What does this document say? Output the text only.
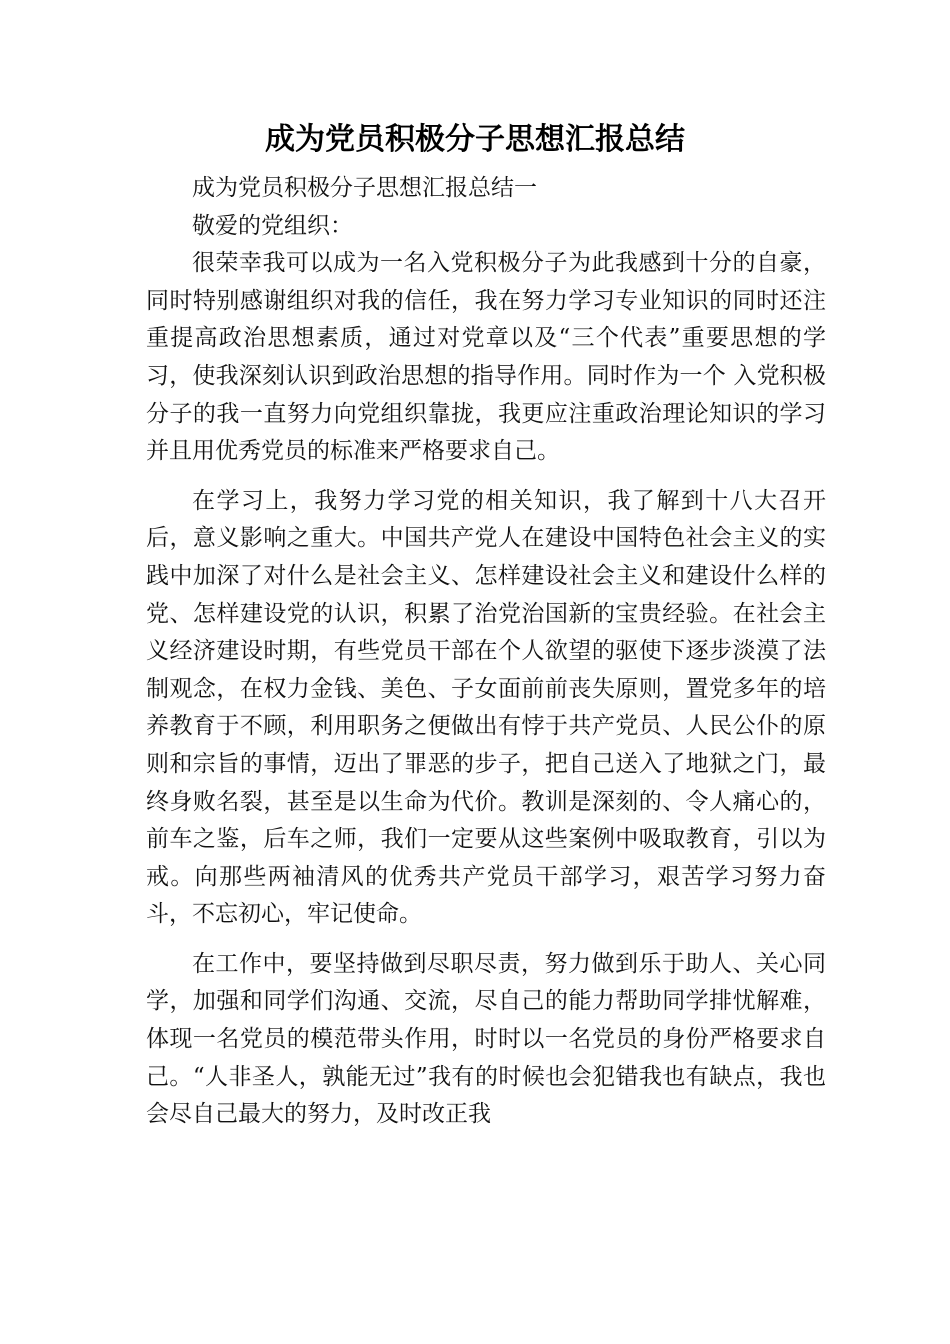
成为党员积极分子思想汇报总结

成为党员积极分子思想汇报总结一

敬爱的党组织：

很荣幸我可以成为一名入党积极分子为此我感到十分的自豪，同时特别感谢组织对我的信任，我在努力学习专业知识的同时还注重提高政治思想素质，通过对党章以及“三个代表”重要思想的学习，使我深刻认识到政治思想的指导作用。同时作为一个 入党积极分子的我一直努力向党组织靠拢，我更应注重政治理论知识的学习并且用优秀党员的标准来严格要求自己。

在学习上，我努力学习党的相关知识，我了解到十八大召开后，意义影响之重大。中国共产党人在建设中国特色社会主义的实践中加深了对什么是社会主义、怎样建设社会主义和建设什么样的党、怎样建设党的认识，积累了治党治国新的宝贵经验。在社会主义经济建设时期，有些党员干部在个人欲望的驱使下逐步淡漠了法制观念，在权力金钱、美色、子女面前前丧失原则，置党多年的培养教育于不顾，利用职务之便做出有悖于共产党员、人民公仆的原则和宗旨的事情，迈出了罪恶的步子，把自己送入了地狱之门，最终身败名裂，甚至是以生命为代价。教训是深刻的、令人痛心的，前车之鉴，后车之师，我们一定要从这些案例中吸取教育，引以为戒。向那些两袖清风的优秀共产党员干部学习，艰苦学习努力奋斗，不忘初心，牢记使命。

在工作中，要坚持做到尽职尽责，努力做到乐于助人、关心同学，加强和同学们沟通、交流，尽自己的能力帮助同学排忧解难，体现一名党员的模范带头作用，时时以一名党员的身份严格要求自己。“人非圣人，孰能无过”我有的时候也会犯错我也有缺点，我也会尽自己最大的努力，及时改正我
